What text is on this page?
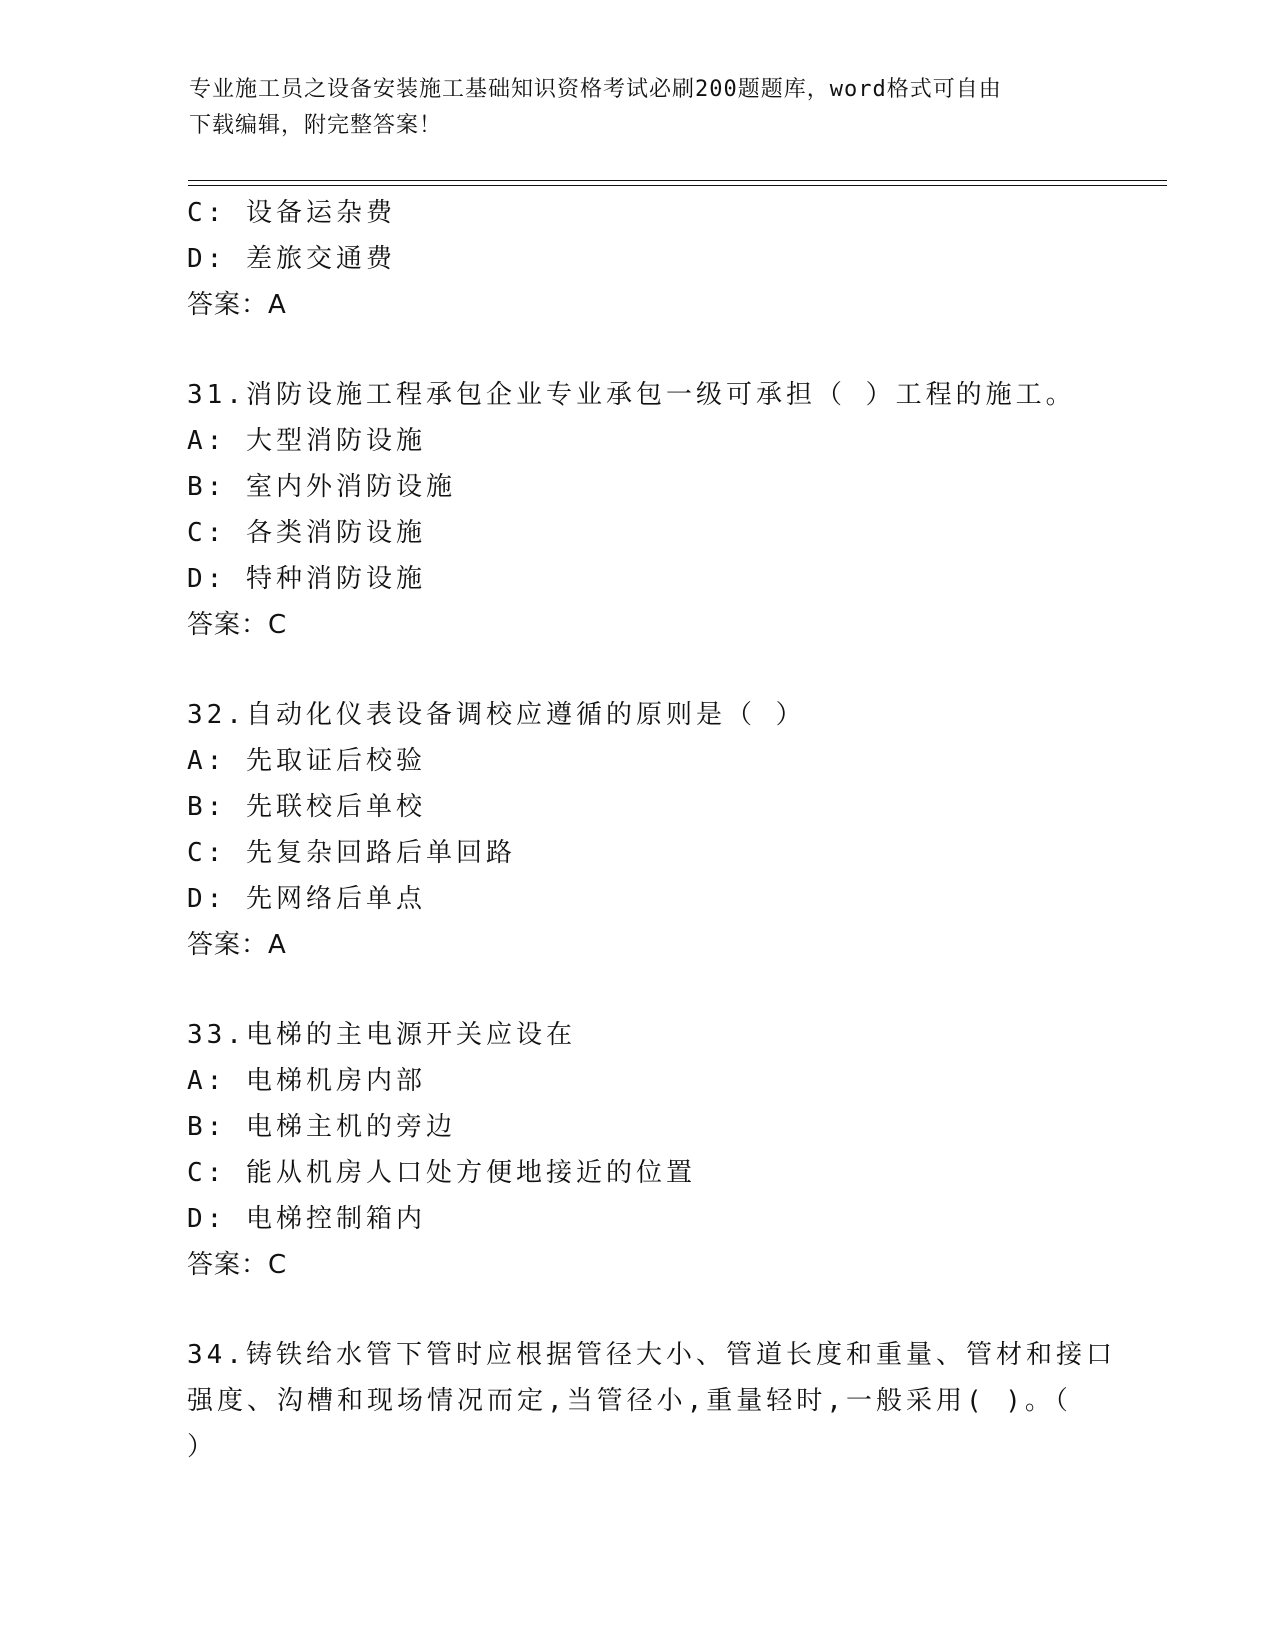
专业施工员之设备安装施工基础知识资格考试必刷200题题库，word格式可自由
下载编辑，附完整答案！
C: 设备运杂费
D: 差旅交通费
答案：A
31.消防设施工程承包企业专业承包一级可承担（ ）工程的施工。
A: 大型消防设施
B: 室内外消防设施
C: 各类消防设施
D: 特种消防设施
答案：C
32.自动化仪表设备调校应遵循的原则是（ ）
A: 先取证后校验
B: 先联校后单校
C: 先复杂回路后单回路
D: 先网络后单点
答案：A
33.电梯的主电源开关应设在
A: 电梯机房内部
B: 电梯主机的旁边
C: 能从机房人口处方便地接近的位置
D: 电梯控制箱内
答案：C
34.铸铁给水管下管时应根据管径大小、管道长度和重量、管材和接口
强度、沟槽和现场情况而定,当管径小,重量轻时,一般采用( )。（
）
